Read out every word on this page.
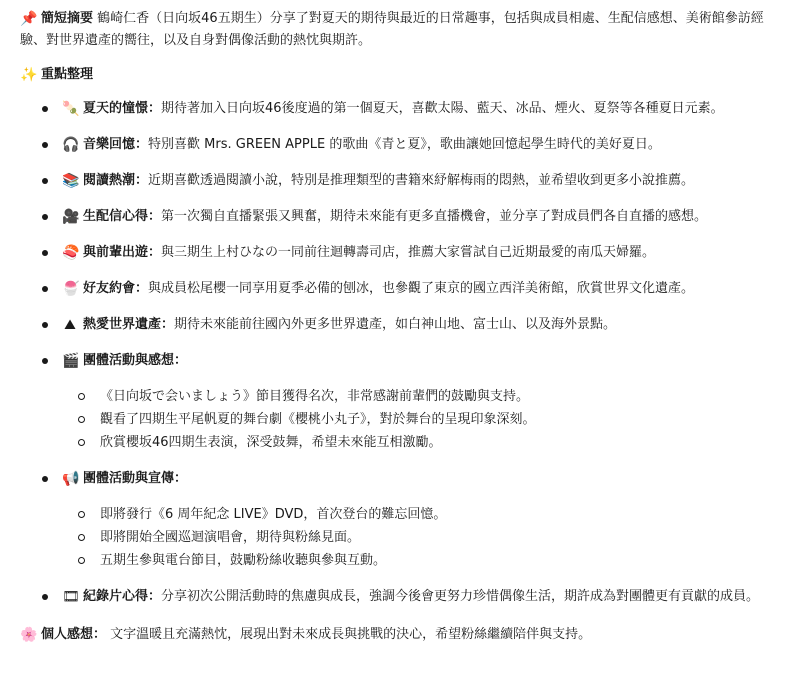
📌 簡短摘要 鶴崎仁香（日向坂46五期生）分享了對夏天的期待與最近的日常趣事，包括與成員相處、生配信感想、美術館參訪經驗、對世界遺產的嚮往，以及自身對偶像活動的熱忱與期許。
✨ 重點整理
🍡 夏天的憧憬：期待著加入日向坂46後度過的第一個夏天，喜歡太陽、藍天、冰品、煙火、夏祭等各種夏日元素。
🎧 音樂回憶：特別喜歡 Mrs. GREEN APPLE 的歌曲《青と夏》，歌曲讓她回憶起學生時代的美好夏日。
📚 閱讀熱潮：近期喜歡透過閱讀小說，特別是推理類型的書籍來紓解梅雨的悶熱，並希望收到更多小說推薦。
🎥 生配信心得：第一次獨自直播緊張又興奮，期待未來能有更多直播機會，並分享了對成員們各自直播的感想。
🍣 與前輩出遊：與三期生上村ひなの一同前往迴轉壽司店，推薦大家嘗試自己近期最愛的南瓜天婦羅。
🍧 好友約會：與成員松尾櫻一同享用夏季必備的刨冰，也參觀了東京的國立西洋美術館，欣賞世界文化遺產。
⛰ 熱愛世界遺產：期待未來能前往國內外更多世界遺產，如白神山地、富士山、以及海外景點。
🎬 團體活動與感想：
《日向坂で会いましょう》節目獲得名次，非常感謝前輩們的鼓勵與支持。
觀看了四期生平尾帆夏的舞台劇《櫻桃小丸子》，對於舞台的呈現印象深刻。
欣賞櫻坂46四期生表演，深受鼓舞，希望未來能互相激勵。
📢 團體活動與宣傳：
即將發行《6 周年紀念 LIVE》DVD，首次登台的難忘回憶。
即將開始全國巡迴演唱會，期待與粉絲見面。
五期生參與電台節目，鼓勵粉絲收聽與參與互動。
🎞 紀錄片心得：分享初次公開活動時的焦慮與成長，強調今後會更努力珍惜偶像生活，期許成為對團體更有貢獻的成員。
🌸 個人感想： 文字溫暖且充滿熱忱，展現出對未來成長與挑戰的決心，希望粉絲繼續陪伴與支持。
